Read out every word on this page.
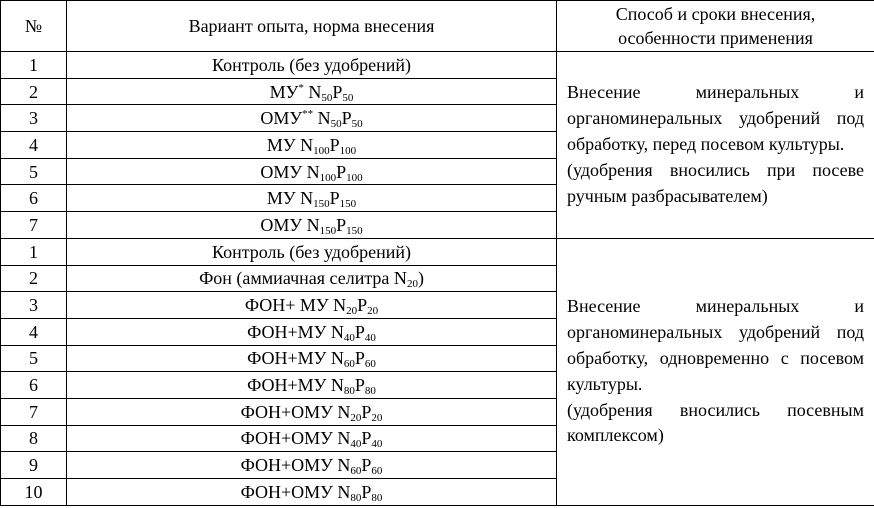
№	Вариант опыта, норма внесения	Способ и сроки внесения,
особенности применения
1	Контроль (без удобрений)	Внесение минеральных и органоминеральных удобрений под обработку, перед посевом культуры.
(удобрения вносились при посеве ручным разбрасывателем)
2	МУ* $N_{50}P_{50}$
3	ОМУ** $N_{50}P_{50}$
4	МУ $N_{100}P_{100}$
5	ОМУ $N_{100}P_{100}$
6	МУ $N_{150}P_{150}$
7	ОМУ $N_{150}P_{150}$
1	Контроль (без удобрений)	Внесение минеральных и органоминеральных удобрений под обработку, одновременно с посевом культуры.
(удобрения вносились посевным комплексом)
2	Фон (аммиачная селитра $N_{20}$)	
3	ФОН+ МУ $N_{20}P_{20}$
4	ФОН+МУ $N_{40}P_{40}$
5	ФОН+МУ $N_{60}P_{60}$
6	ФОН+МУ $N_{80}P_{80}$
7	ФОН+ОМУ $N_{20}P_{20}$
8	ФОН+ОМУ $N_{40}P_{40}$
9	ФОН+ОМУ $N_{60}P_{60}$
10	ФОН+ОМУ $N_{80}P_{80}$
